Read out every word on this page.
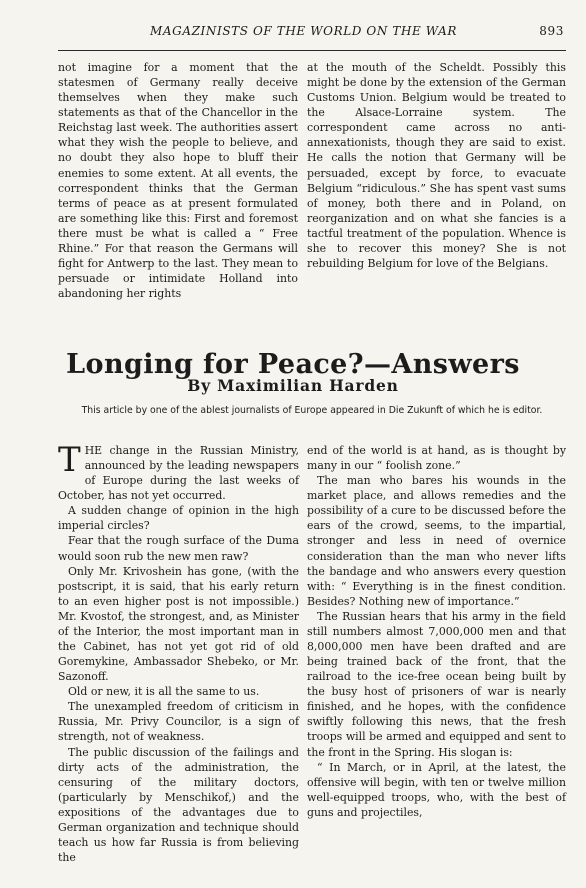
MAGAZINISTS OF THE WORLD ON THE WAR	893

not imagine for a moment that the statesmen of Germany really deceive themselves when they make such statements as that of the Chancellor in the Reichstag last week. The authorities assert what they wish the people to believe, and no doubt they also hope to bluff their enemies to some extent. At all events, the correspondent thinks that the German terms of peace as at present formulated are something like this: First and foremost there must be what is called a “ Free Rhine.” For that reason the Germans will fight for Antwerp to the last. They mean to persuade or intimidate Holland into abandoning her rights

at the mouth of the Scheldt. Possibly this might be done by the extension of the German Customs Union. Belgium would be treated to the Alsace-Lorraine system. The correspondent came across no anti-annexationists, though they are said to exist. He calls the notion that Germany will be persuaded, except by force, to evacuate Belgium “ridiculous.” She has spent vast sums of money, both there and in Poland, on reorganization and on what she fancies is a tactful treatment of the population. Whence is she to recover this money? She is not rebuilding Belgium for love of the Belgians.

Longing for Peace?—Answers
By Maximilian Harden
This article by one of the ablest journalists of Europe appeared in Die Zukunft of which he is editor.

THE change in the Russian Ministry, announced by the leading newspapers of Europe during the last weeks of October, has not yet occurred.

A sudden change of opinion in the high imperial circles?

Fear that the rough surface of the Duma would soon rub the new men raw?

Only Mr. Krivoshein has gone, (with the postscript, it is said, that his early return to an even higher post is not impossible.) Mr. Kvostof, the strongest, and, as Minister of the Interior, the most important man in the Cabinet, has not yet got rid of old Goremykine, Ambassador Shebeko, or Mr. Sazonoff.

Old or new, it is all the same to us.

The unexampled freedom of criticism in Russia, Mr. Privy Councilor, is a sign of strength, not of weakness.

The public discussion of the failings and dirty acts of the administration, the censuring of the military doctors, (particularly by Menschikof,) and the expositions of the advantages due to German organization and technique should teach us how far Russia is from believing the

end of the world is at hand, as is thought by many in our “ foolish zone.”

The man who bares his wounds in the market place, and allows remedies and the possibility of a cure to be discussed before the ears of the crowd, seems, to the impartial, stronger and less in need of overnice consideration than the man who never lifts the bandage and who answers every question with: “ Everything is in the finest condition. Besides? Nothing new of importance.”

The Russian hears that his army in the field still numbers almost 7,000,000 men and that 8,000,000 men have been drafted and are being trained back of the front, that the railroad to the ice-free ocean being built by the busy host of prisoners of war is nearly finished, and he hopes, with the confidence swiftly following this news, that the fresh troops will be armed and equipped and sent to the front in the Spring. His slogan is:

“ In March, or in April, at the latest, the offensive will begin, with ten or twelve million well-equipped troops, who, with the best of guns and projectiles,
